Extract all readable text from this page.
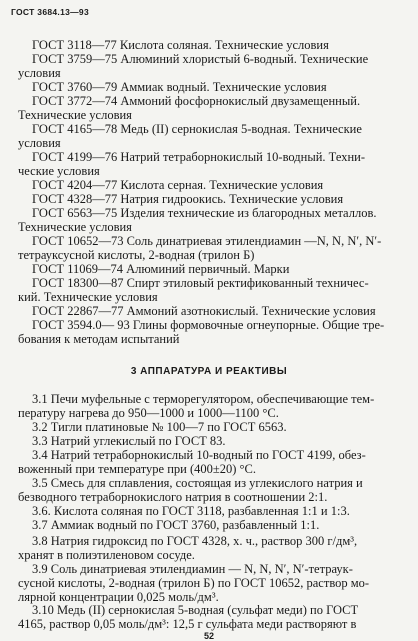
ГОСТ 3684.13—93
ГОСТ 3118—77 Кислота соляная. Технические условия
ГОСТ 3759—75 Алюминий хлористый 6-водный. Технические
условия
ГОСТ 3760—79 Аммиак водный. Технические условия
ГОСТ 3772—74 Аммоний фосфорнокислый двузамещенный.
Технические условия
ГОСТ 4165—78 Медь (II) сернокислая 5-водная. Технические
условия
ГОСТ 4199—76 Натрий тетраборнокислый 10-водный. Техни-
ческие условия
ГОСТ 4204—77 Кислота серная. Технические условия
ГОСТ 4328—77 Натрия гидроокись. Технические условия
ГОСТ 6563—75 Изделия технические из благородных металлов.
Технические условия
ГОСТ 10652—73 Соль динатриевая этилендиамин —N, N, N′, N′-
тетрауксусной кислоты, 2-водная (трилон Б)
ГОСТ 11069—74 Алюминий первичный. Марки
ГОСТ 18300—87 Спирт этиловый ректификованный техничес-
кий. Технические условия
ГОСТ 22867—77 Аммоний азотнокислый. Технические условия
ГОСТ 3594.0— 93 Глины формовочные огнеупорные. Общие тре-
бования к методам испытаний
3 АППАРАТУРА И РЕАКТИВЫ
3.1 Печи муфельные с терморегулятором, обеспечивающие тем-
пературу нагрева до 950—1000 и 1000—1100 °С.
3.2 Тигли платиновые № 100—7 по ГОСТ 6563.
3.3 Натрий углекислый по ГОСТ 83.
3.4 Натрий тетраборнокислый 10-водный по ГОСТ 4199, обез-
воженный при температуре при (400±20) °С.
3.5 Смесь для сплавления, состоящая из углекислого натрия и
безводного тетраборнокислого натрия в соотношении 2:1.
3.6. Кислота соляная по ГОСТ 3118, разбавленная 1:1 и 1:3.
3.7 Аммиак водный по ГОСТ 3760, разбавленный 1:1.
3.8 Натрия гидроксид по ГОСТ 4328, х. ч., раствор 300 г/дм³,
хранят в полиэтиленовом сосуде.
3.9 Соль динатриевая этилендиамин — N, N, N′, N′-тетраук-
сусной кислоты, 2-водная (трилон Б) по ГОСТ 10652, раствор мо-
лярной концентрации 0,025 моль/дм³.
3.10 Медь (II) сернокислая 5-водная (сульфат меди) по ГОСТ
4165, раствор 0,05 моль/дм³: 12,5 г сульфата меди растворяют в
52
